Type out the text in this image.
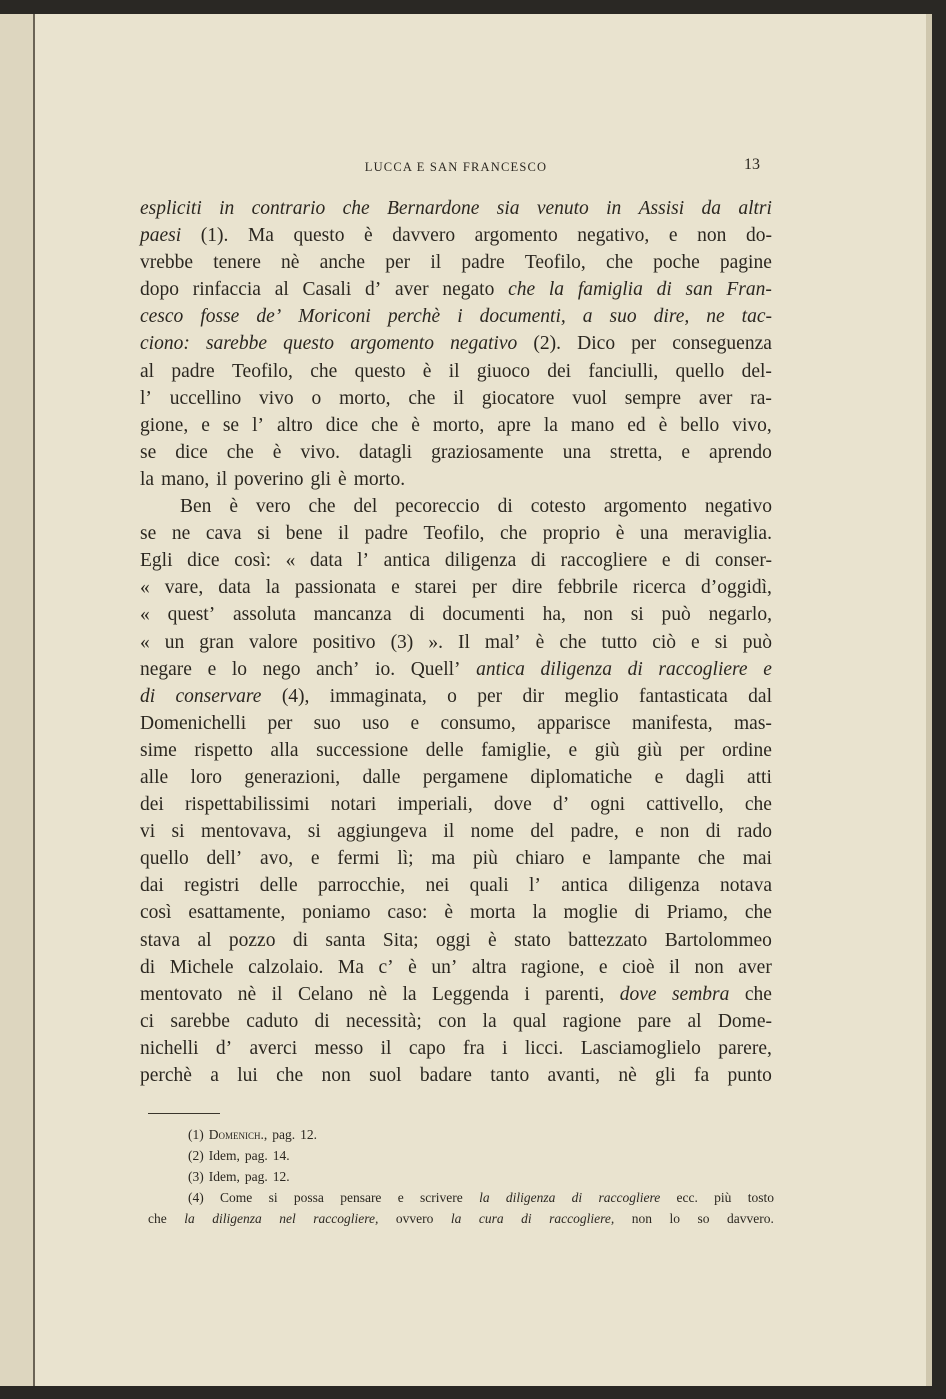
LUCCA E SAN FRANCESCO	13
espliciti in contrario che Bernardone sia venuto in Assisi da altri
paesi (1). Ma questo è davvero argomento negativo, e non do-
vrebbe tenere nè anche per il padre Teofilo, che poche pagine
dopo rinfaccia al Casali d’ aver negato che la famiglia di san Fran-
cesco fosse de’ Moriconi perchè i documenti, a suo dire, ne tac-
ciono: sarebbe questo argomento negativo (2). Dico per conseguenza
al padre Teofilo, che questo è il giuoco dei fanciulli, quello del-
l’ uccellino vivo o morto, che il giocatore vuol sempre aver ra-
gione, e se l’ altro dice che è morto, apre la mano ed è bello vivo,
se dice che è vivo. datagli graziosamente una stretta, e aprendo
la mano, il poverino gli è morto.
Ben è vero che del pecoreccio di cotesto argomento negativo
se ne cava si bene il padre Teofilo, che proprio è una meraviglia.
Egli dice così: « data l’ antica diligenza di raccogliere e di conser-
« vare, data la passionata e starei per dire febbrile ricerca d’oggidì,
« quest’ assoluta mancanza di documenti ha, non si può negarlo,
« un gran valore positivo (3) ». Il mal’ è che tutto ciò e si può
negare e lo nego anch’ io. Quell’ antica diligenza di raccogliere e
di conservare (4), immaginata, o per dir meglio fantasticata dal
Domenichelli per suo uso e consumo, apparisce manifesta, mas-
sime rispetto alla successione delle famiglie, e giù giù per ordine
alle loro generazioni, dalle pergamene diplomatiche e dagli atti
dei rispettabilissimi notari imperiali, dove d’ ogni cattivello, che
vi si mentovava, si aggiungeva il nome del padre, e non di rado
quello dell’ avo, e fermi lì; ma più chiaro e lampante che mai
dai registri delle parrocchie, nei quali l’ antica diligenza notava
così esattamente, poniamo caso: è morta la moglie di Priamo, che
stava al pozzo di santa Sita; oggi è stato battezzato Bartolommeo
di Michele calzolaio. Ma c’ è un’ altra ragione, e cioè il non aver
mentovato nè il Celano nè la Leggenda i parenti, dove sembra che
ci sarebbe caduto di necessità; con la qual ragione pare al Dome-
nichelli d’ averci messo il capo fra i licci. Lasciamoglielo parere,
perchè a lui che non suol badare tanto avanti, nè gli fa punto
(1) Domenich., pag. 12.
(2) Idem, pag. 14.
(3) Idem, pag. 12.
(4) Come si possa pensare e scrivere la diligenza di raccogliere ecc. più tosto
che la diligenza nel raccogliere, ovvero la cura di raccogliere, non lo so davvero.
